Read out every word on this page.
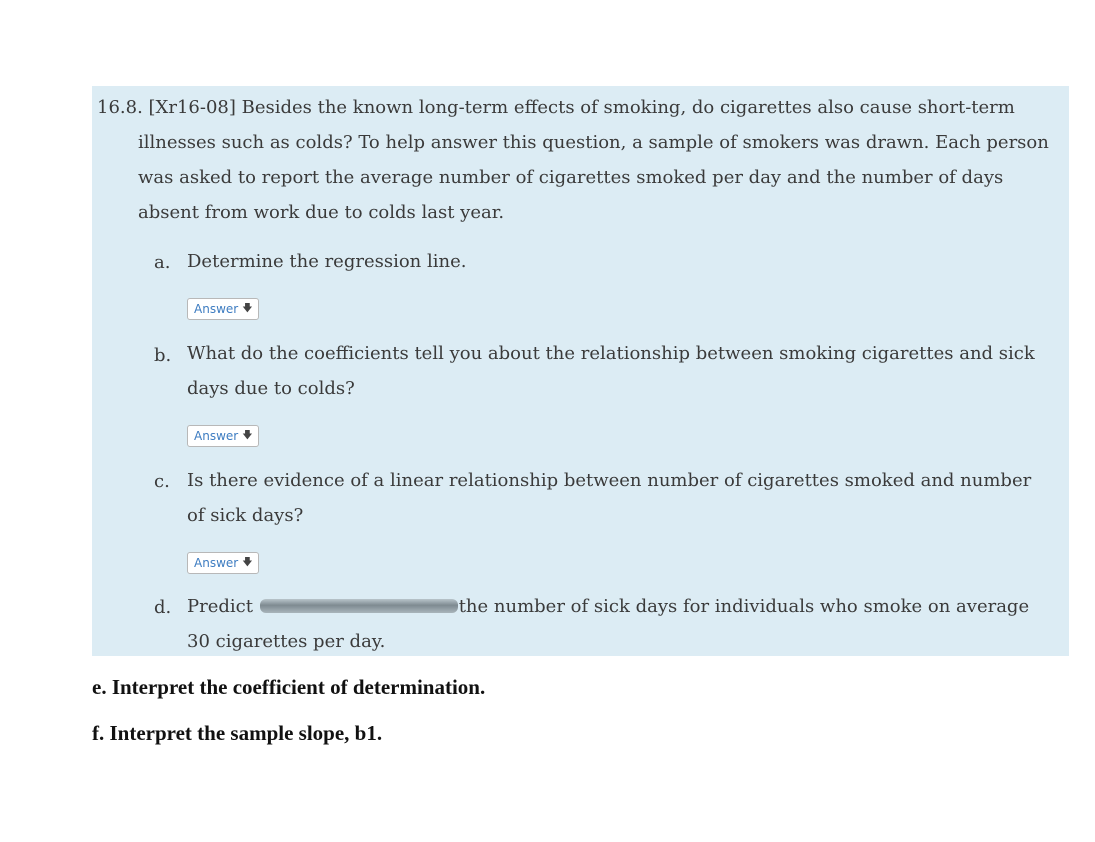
16.8. [Xr16-08] Besides the known long-term effects of smoking, do cigarettes also cause short-term
illnesses such as colds? To help answer this question, a sample of smokers was drawn. Each person
was asked to report the average number of cigarettes smoked per day and the number of days
absent from work due to colds last year.
a. Determine the regression line.
Answer 🡇
b. What do the coefficients tell you about the relationship between smoking cigarettes and sick
days due to colds?
Answer 🡇
c. Is there evidence of a linear relationship between number of cigarettes smoked and number
of sick days?
Answer 🡇
d. Predict	the number of sick days for individuals who smoke on average
30 cigarettes per day.
e. Interpret the coefficient of determination.
f. Interpret the sample slope, b1.
